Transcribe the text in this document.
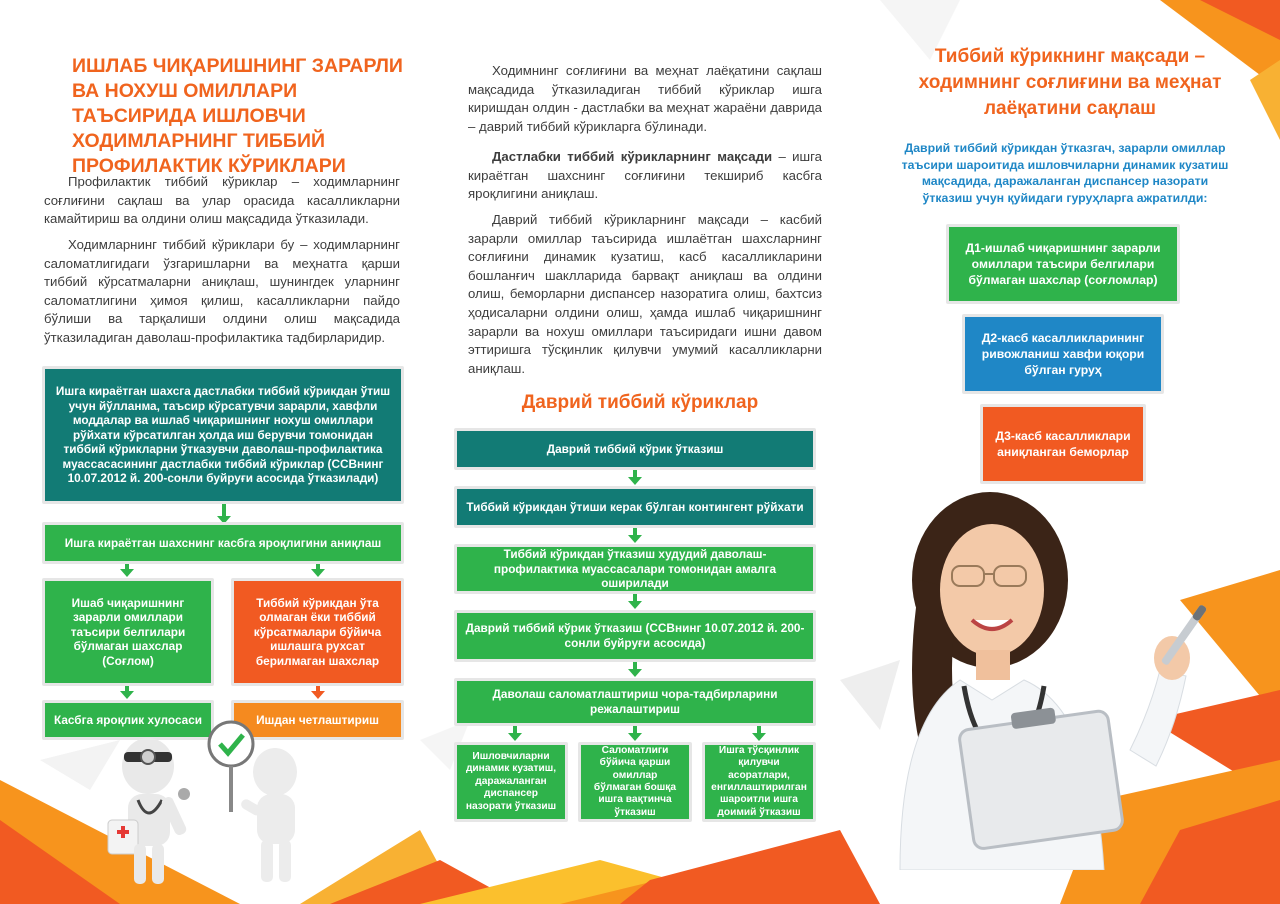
ИШЛАБ ЧИҚАРИШНИНГ ЗАРАРЛИ ВА НОХУШ ОМИЛЛАРИ ТАЪСИРИДА ИШЛОВЧИ ХОДИМЛАРНИНГ ТИББИЙ ПРОФИЛАКТИК КЎРИКЛАРИ

Профилактик тиббий кўриклар – ходимларнинг соғлиғини сақлаш ва улар орасида касалликларни камайтириш ва олдини олиш мақсадида ўтказилади.

Ходимларнинг тиббий кўриклари бу – ходимларнинг саломатлигидаги ўзгаришларни ва меҳнатга қарши тиббий кўрсатмаларни аниқлаш, шунингдек уларнинг саломатлигини ҳимоя қилиш, касалликларни пайдо бўлиши ва тарқалиши олдини олиш мақсадида ўтказиладиган даволаш-профилактика тадбирларидир.

Ишга кираётган шахсга дастлабки тиббий кўрикдан ўтиш учун йўлланма, таъсир кўрсатувчи зарарли, хавфли моддалар ва ишлаб чиқаришнинг нохуш омиллари рўйхати кўрсатилган ҳолда иш берувчи томонидан тиббий кўрикларни ўтказувчи даволаш-профилактика муассасасининг дастлабки тиббий кўриклар (ССВнинг 10.07.2012 й. 200-сонли буйруғи асосида ўтказилади)
Ишга кираётган шахснинг касбга яроқлигини аниқлаш
Ишаб чиқаришнинг зарарли омиллари таъсири белгилари бўлмаган шахслар (Соғлом)
Тиббий кўрикдан ўта олмаган ёки тиббий кўрсатмалари бўйича ишлашга рухсат берилмаган шахслар
Касбга яроқлик хулосаси	Ишдан четлаштириш

Ходимнинг соғлиғини ва меҳнат лаёқатини сақлаш мақсадида ўтказиладиган тиббий кўриклар ишга киришдан олдин - дастлабки ва меҳнат жараёни даврида – даврий тиббий кўрикларга бўлинади.

Дастлабки тиббий кўрикларнинг мақсади – ишга кираётган шахснинг соғлиғини текшириб касбга яроқлигини аниқлаш.

Даврий тиббий кўрикларнинг мақсади – касбий зарарли омиллар таъсирида ишлаётган шахсларнинг соғлиғини динамик кузатиш, касб касалликларини бошланғич шаклларида барвақт аниқлаш ва олдини олиш, беморларни диспансер назоратига олиш, бахтсиз ҳодисаларни олдини олиш, ҳамда ишлаб чиқаришнинг зарарли ва нохуш омиллари таъсиридаги ишни давом эттиришга тўсқинлик қилувчи умумий касалликларни аниқлаш.

Даврий тиббий кўриклар
Даврий тиббий кўрик ўтказиш
Тиббий кўрикдан ўтиши керак бўлган контингент рўйхати
Тиббий кўрикдан ўтказиш худудий даволаш-профилактика муассасалари томонидан амалга оширилади
Даврий тиббий кўрик ўтказиш (ССВнинг 10.07.2012 й. 200-сонли буйруғи асосида)
Даволаш саломатлаштириш чора-тадбирларини режалаштириш
Ишловчиларни динамик кузатиш, даражаланган диспансер назорати ўтказиш
Саломатлиги бўйича қарши омиллар бўлмаган бошқа ишга вақтинча ўтказиш
Ишга тўсқинлик қилувчи асоратлари, енгиллаштирилган шароитли ишга доимий ўтказиш
Тиббий кўрикнинг мақсади – ходимнинг соғлиғини ва меҳнат лаёқатини сақлаш

Даврий тиббий кўрикдан ўтказгач, зарарли омиллар таъсири шароитида ишловчиларни динамик кузатиш мақсадида, даражаланган диспансер назорати ўтказиш учун қуйидаги гуруҳларга ажратилди:

Д1-ишлаб чиқаришнинг зарарли омиллари таъсири белгилари бўлмаган шахслар (соғломлар)
Д2-касб касалликларининг ривожланиш хавфи юқори бўлган гуруҳ
Д3-касб касалликлари аниқланган беморлар
